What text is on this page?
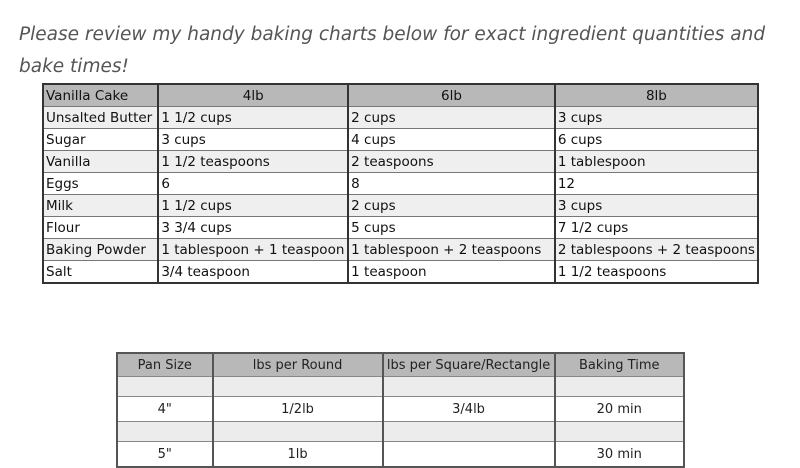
Please review my handy baking charts below for exact ingredient quantities and bake times!

Vanilla Cake	4lb	6lb	8lb
Unsalted Butter	1 1/2 cups	2 cups	3 cups
Sugar	3 cups	4 cups	6 cups
Vanilla	1 1/2 teaspoons	2 teaspoons	1 tablespoon
Eggs	6	8	12
Milk	1 1/2 cups	2 cups	3 cups
Flour	3 3/4 cups	5 cups	7 1/2 cups
Baking Powder	1 tablespoon + 1 teaspoon	1 tablespoon + 2 teaspoons	2 tablespoons + 2 teaspoons
Salt	3/4 teaspoon	1 teaspoon	1 1/2 teaspoons
Pan Size	lbs per Round	lbs per Square/Rectangle	Baking Time

4"	1/2lb	3/4lb	20 min

5"	1lb		30 min
